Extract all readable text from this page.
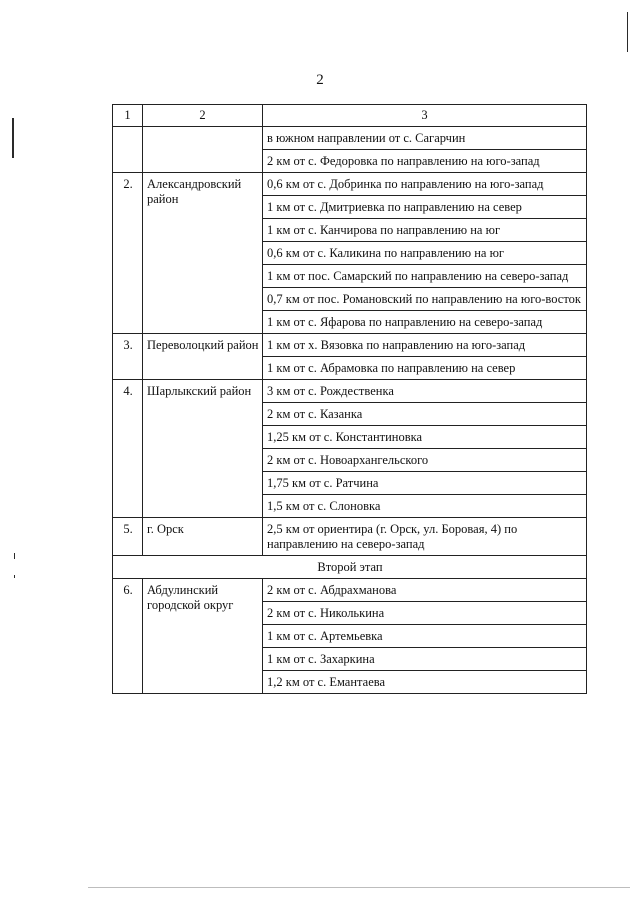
2
1	2	3
		в южном направлении от с. Сагарчин
		2 км от с. Федоровка по направлению на юго-запад
2.	Александровский район	0,6 км от с. Добринка по направлению на юго-запад
		1 км от с. Дмитриевка по направлению на север
		1 км от с. Канчирова по направлению на юг
		0,6 км от с. Каликина по направлению на юг
		1 км от пос. Самарский по направлению на северо-запад
		0,7 км от пос. Романовский по направлению на юго-восток
		1 км от с. Яфарова по направлению на северо-запад
3.	Переволоцкий район	1 км от х. Вязовка по направлению на юго-запад
		1 км от с. Абрамовка по направлению на север
4.	Шарлыкский район	3 км от с. Рождественка
		2 км от с. Казанка
		1,25 км от с. Константиновка
		2 км от с. Новоархангельского
		1,75 км от с. Ратчина
		1,5 км от с. Слоновка
5.	г. Орск	2,5 км от ориентира (г. Орск, ул. Боровая, 4) по направлению на северо-запад
Второй этап		
6.	Абдулинский городской округ	2 км от с. Абдрахманова
		2 км от с. Николькина
		1 км от с. Артемьевка
		1 км от с. Захаркина
		1,2 км от с. Емантаева
